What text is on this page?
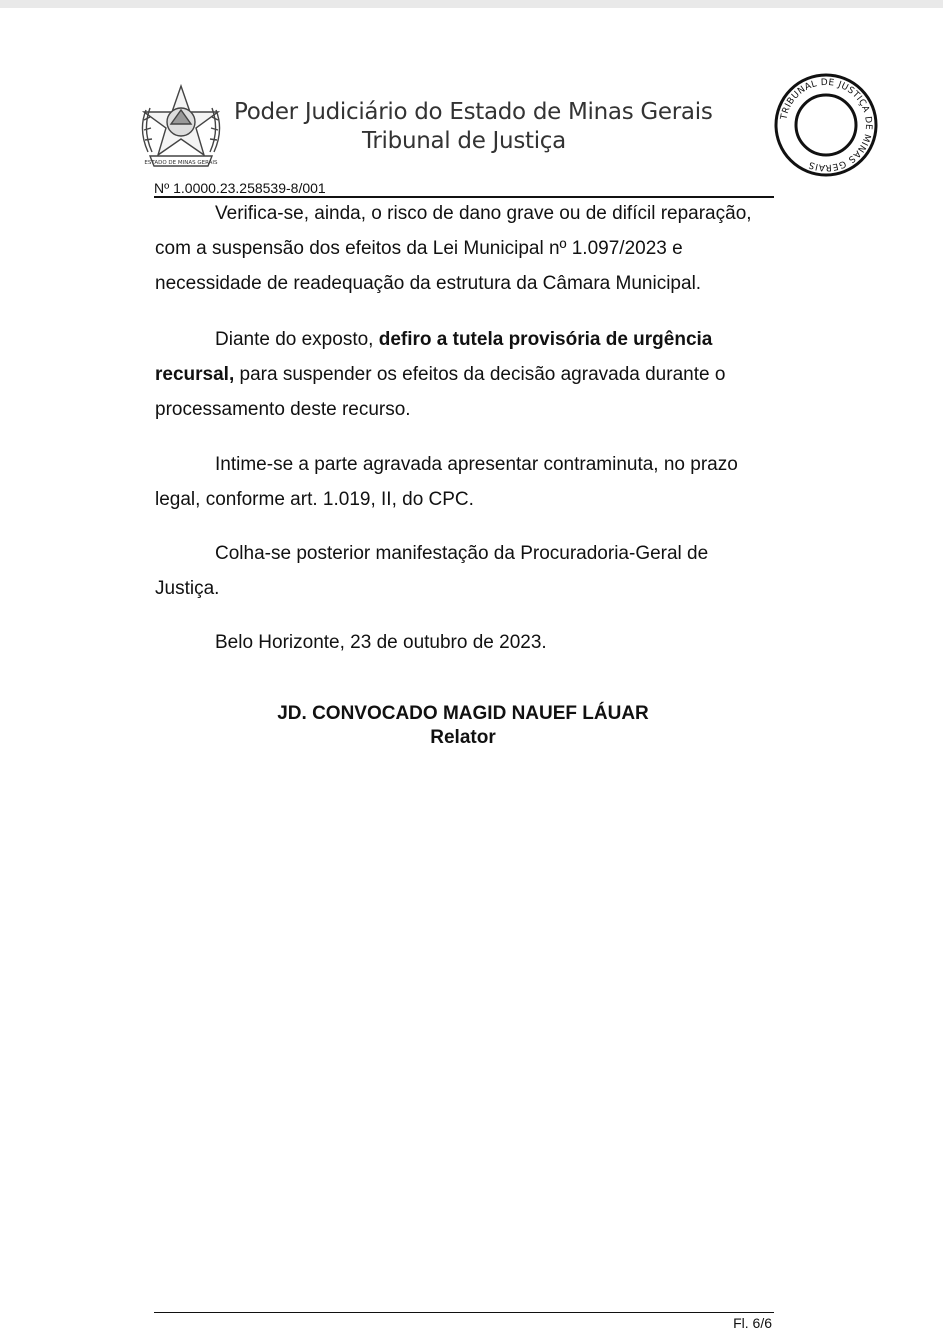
ESTADO DE MINAS GERAIS
Poder Judiciário do Estado de Minas Gerais
Tribunal de Justiça
TRIBUNAL DE JUSTIÇA DE MINAS GERAIS
Nº 1.0000.23.258539-8/001
Verifica-se, ainda, o risco de dano grave ou de difícil reparação, com a suspensão dos efeitos da Lei Municipal nº 1.097/2023 e necessidade de readequação da estrutura da Câmara Municipal.
Diante do exposto, defiro a tutela provisória de urgência recursal, para suspender os efeitos da decisão agravada durante o processamento deste recurso.
Intime-se a parte agravada apresentar contraminuta, no prazo legal, conforme art. 1.019, II, do CPC.
Colha-se posterior manifestação da Procuradoria-Geral de Justiça.
Belo Horizonte, 23 de outubro de 2023.
JD. CONVOCADO MAGID NAUEF LÁUAR
Relator
Fl. 6/6
